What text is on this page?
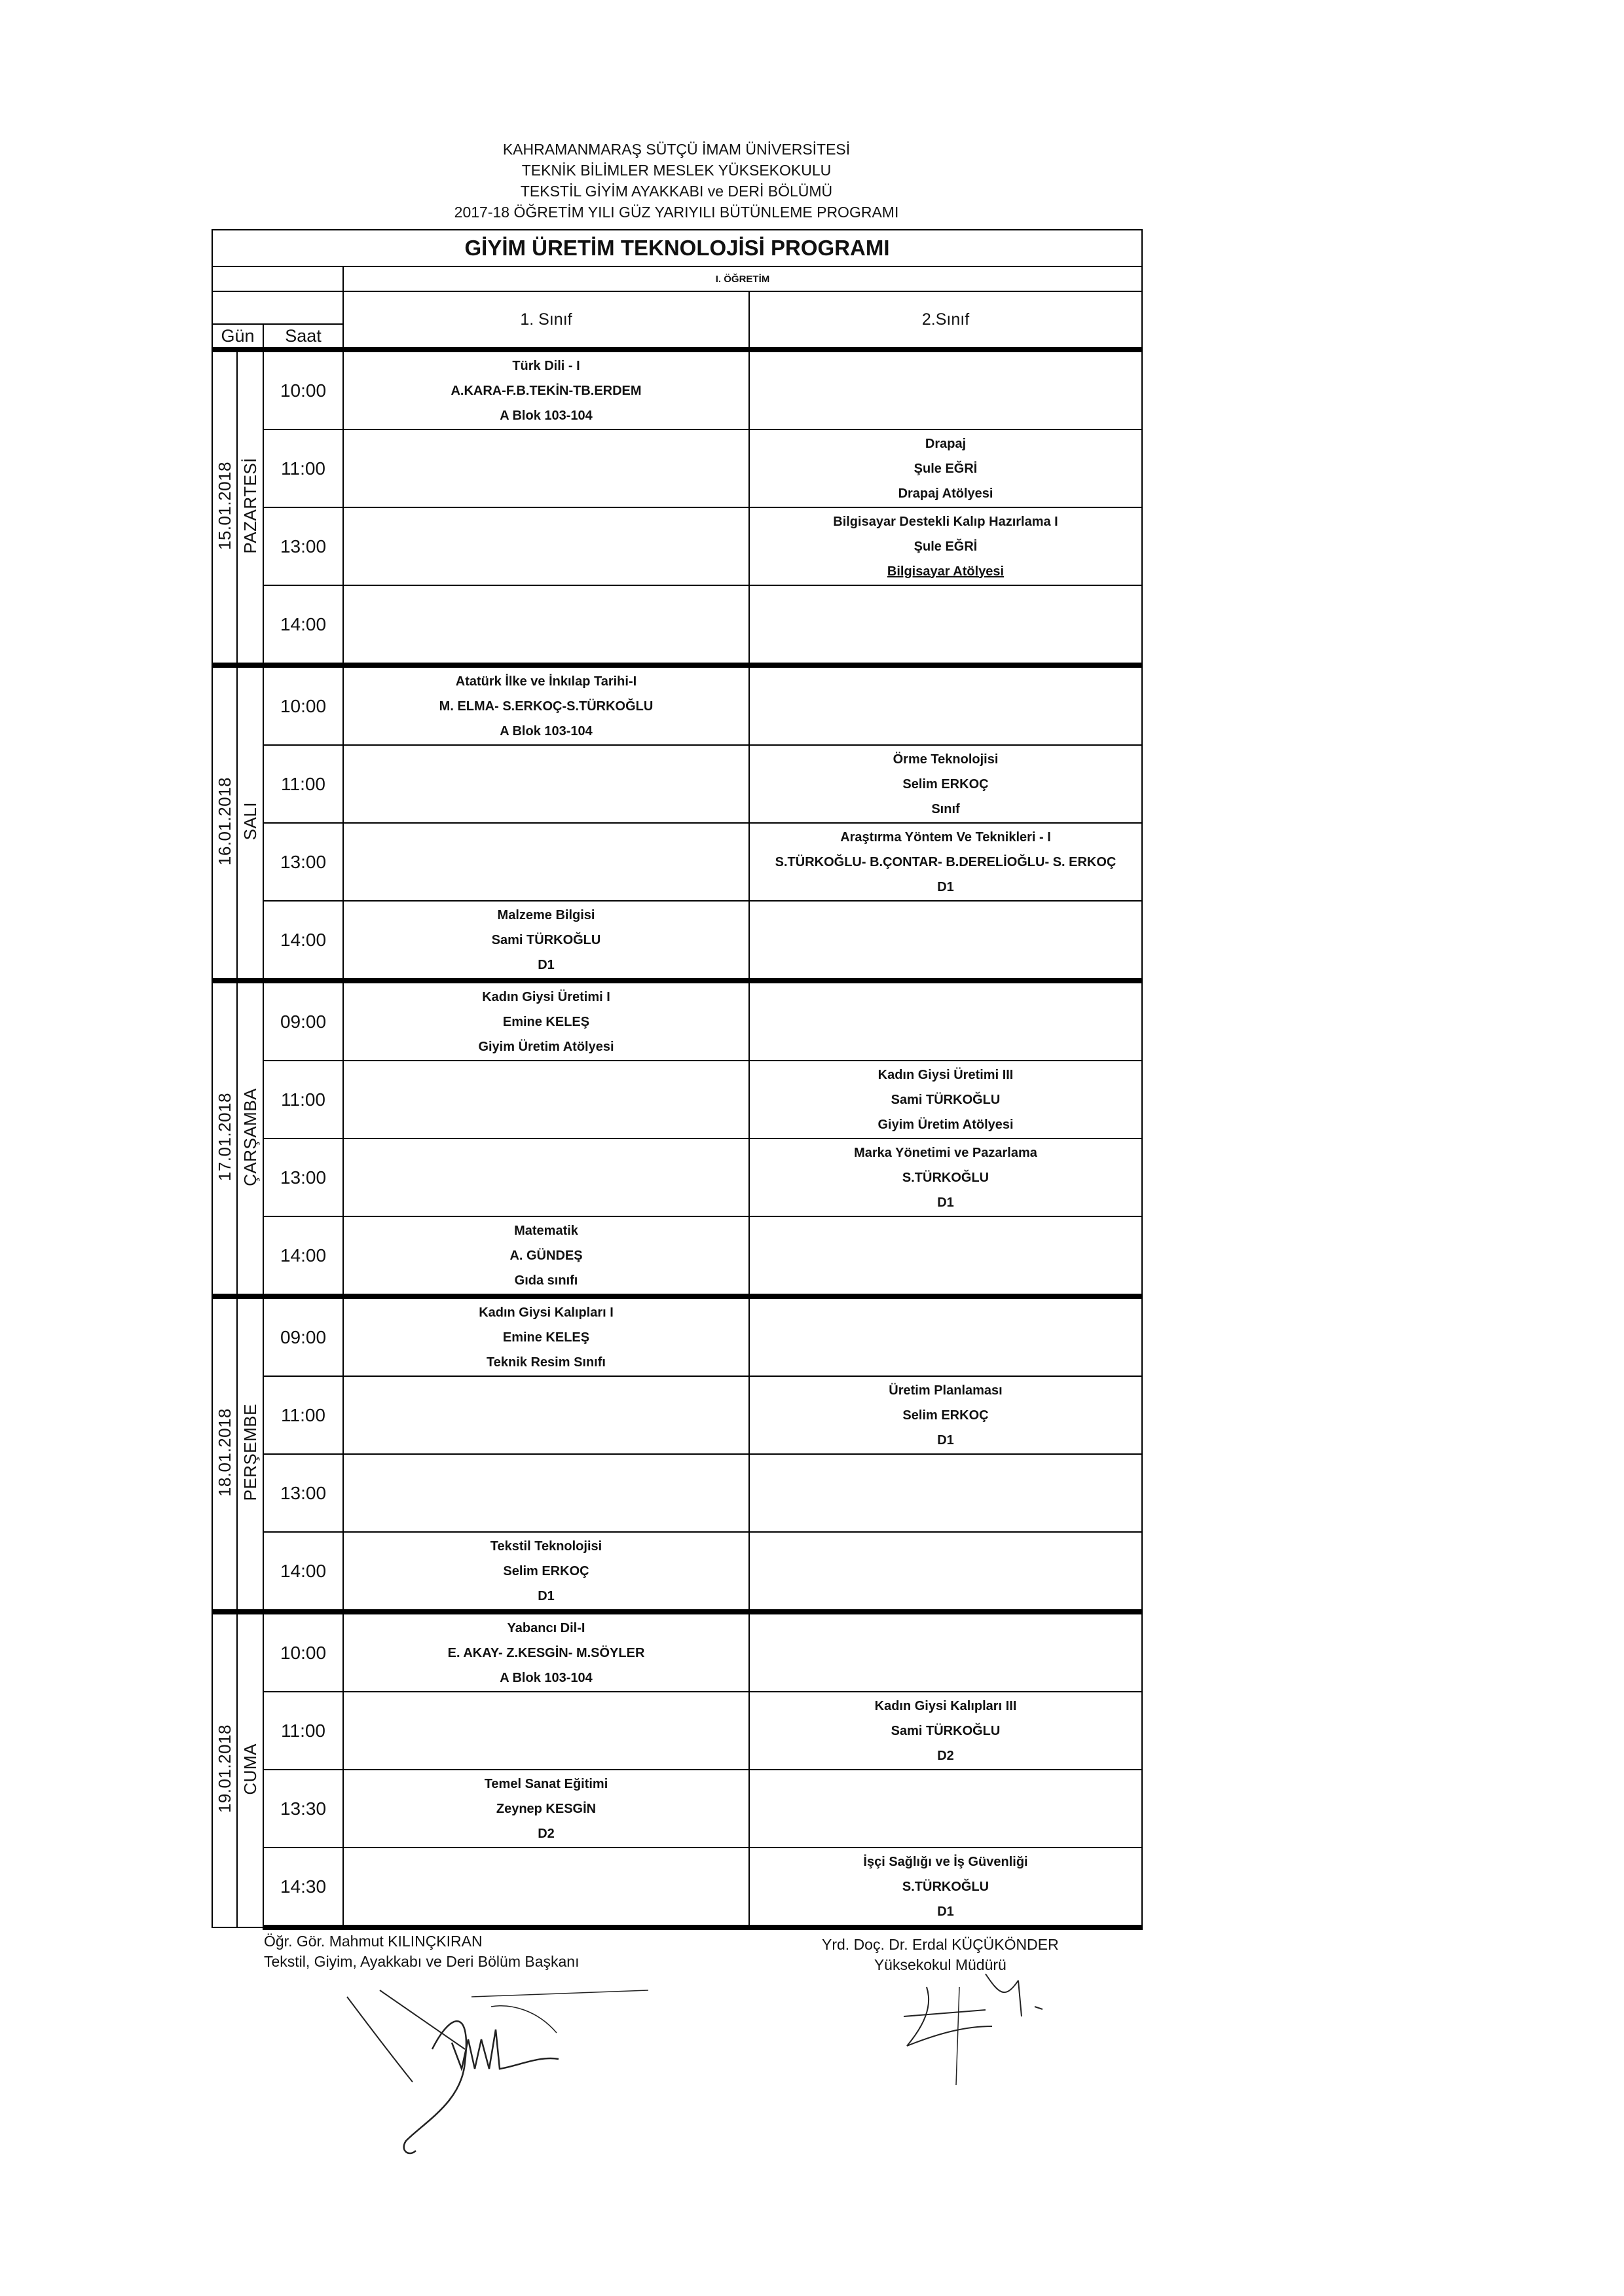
KAHRAMANMARAŞ SÜTÇÜ İMAM ÜNİVERSİTESİ
TEKNİK BİLİMLER MESLEK YÜKSEKOKULU
TEKSTİL GİYİM AYAKKABI ve DERİ BÖLÜMÜ
2017-18 ÖĞRETİM YILI GÜZ YARIYILI BÜTÜNLEME PROGRAMI
GİYİM ÜRETİM TEKNOLOJİSİ PROGRAMI				
			I. ÖĞRETİM	
			1. Sınıf	2.Sınıf
Gün		Saat		
15.01.2018	PAZARTESİ	10:00	Türk Dili - I
A.KARA-F.B.TEKİN-TB.ERDEM
A Blok 103-104	

		11:00		Drapaj
Şule EĞRİ
Drapaj Atölyesi

		13:00		Bilgisayar Destekli Kalıp Hazırlama I
Şule EĞRİ
Bilgisayar Atölyesi

		14:00		
16.01.2018	SALI	10:00	Atatürk İlke ve İnkılap Tarihi-I
M. ELMA- S.ERKOÇ-S.TÜRKOĞLU
A Blok 103-104	

		11:00		Örme Teknolojisi
Selim ERKOÇ
Sınıf

		13:00		Araştırma Yöntem Ve Teknikleri - I
S.TÜRKOĞLU- B.ÇONTAR- B.DERELİOĞLU- S. ERKOÇ
D1

		14:00	Malzeme Bilgisi
Sami TÜRKOĞLU
D1	

17.01.2018	ÇARŞAMBA	09:00	Kadın Giysi Üretimi I
Emine KELEŞ
Giyim Üretim Atölyesi	

		11:00		Kadın Giysi Üretimi III
Sami TÜRKOĞLU
Giyim Üretim Atölyesi

		13:00		Marka Yönetimi ve Pazarlama
S.TÜRKOĞLU
D1

		14:00	Matematik
A. GÜNDEŞ
Gıda sınıfı	

18.01.2018	PERŞEMBE	09:00	Kadın Giysi Kalıpları I
Emine KELEŞ
Teknik Resim Sınıfı	

		11:00		Üretim Planlaması
Selim ERKOÇ
D1

		13:00		
		14:00	Tekstil Teknolojisi
Selim ERKOÇ
D1	

19.01.2018	CUMA	10:00	Yabancı Dil-I
E. AKAY- Z.KESGİN- M.SÖYLER
A Blok 103-104	

		11:00		Kadın Giysi Kalıpları III
Sami TÜRKOĞLU
D2

		13:30	Temel Sanat Eğitimi
Zeynep KESGİN
D2	

		14:30		İşçi Sağlığı ve İş Güvenliği
S.TÜRKOĞLU
D1
Öğr. Gör. Mahmut KILINÇKIRAN
Tekstil, Giyim, Ayakkabı ve Deri Bölüm Başkanı
Yrd. Doç. Dr. Erdal KÜÇÜKÖNDER
Yüksekokul Müdürü
